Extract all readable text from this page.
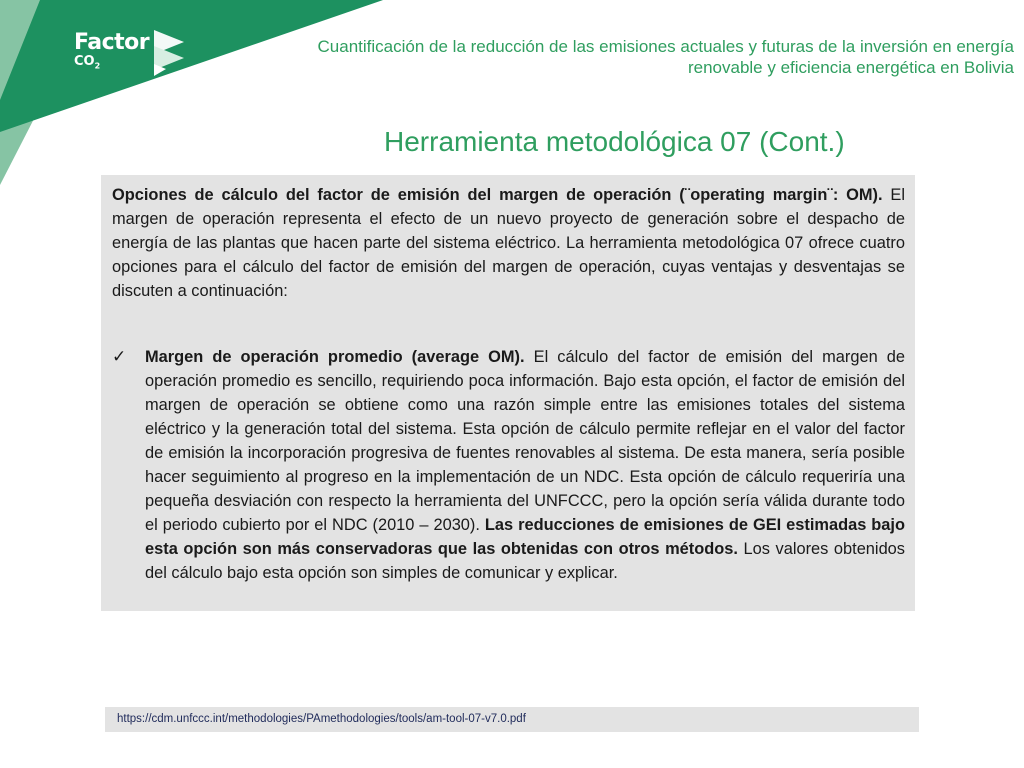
Factor
$CO_2$
Cuantificación de la reducción de las emisiones actuales y futuras de la inversión en energía renovable y eficiencia energética en Bolivia
Herramienta metodológica 07 (Cont.)

Opciones de cálculo del factor de emisión del margen de operación (¨operating margin¨: OM). El margen de operación representa el efecto de un nuevo proyecto de generación sobre el despacho de energía de las plantas que hacen parte del sistema eléctrico. La herramienta metodológica 07 ofrece cuatro opciones para el cálculo del factor de emisión del margen de operación, cuyas ventajas y desventajas se discuten a continuación:

✓	Margen de operación promedio (average OM). El cálculo del factor de emisión del margen de operación promedio es sencillo, requiriendo poca información. Bajo esta opción, el factor de emisión del margen de operación se obtiene como una razón simple entre las emisiones totales del sistema eléctrico y la generación total del sistema. Esta opción de cálculo permite reflejar en el valor del factor de emisión la incorporación progresiva de fuentes renovables al sistema. De esta manera, sería posible hacer seguimiento al progreso en la implementación de un NDC. Esta opción de cálculo requeriría una pequeña desviación con respecto la herramienta del UNFCCC, pero la opción sería válida durante todo el periodo cubierto por el NDC (2010 – 2030). Las reducciones de emisiones de GEI estimadas bajo esta opción son más conservadoras que las obtenidas con otros métodos. Los valores obtenidos del cálculo bajo esta opción son simples de comunicar y explicar.

https://cdm.unfccc.int/methodologies/PAmethodologies/tools/am-tool-07-v7.0.pdf
